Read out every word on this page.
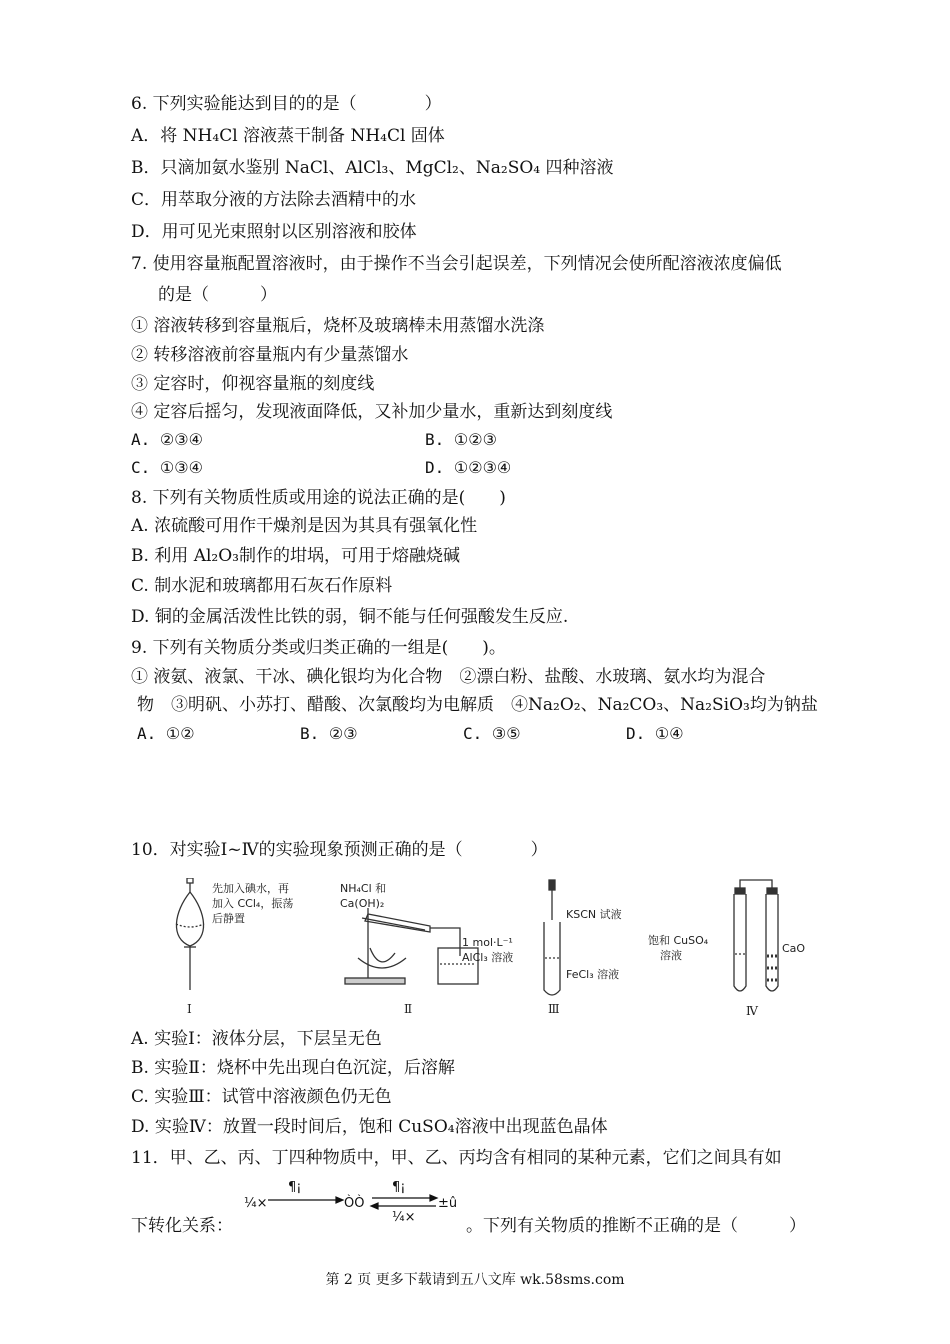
6. 下列实验能达到目的的是（　　　　）
A．将 NH₄Cl 溶液蒸干制备 NH₄Cl 固体
B．只滴加氨水鉴别 NaCl、AlCl₃、MgCl₂、Na₂SO₄ 四种溶液
C．用萃取分液的方法除去酒精中的水
D．用可见光束照射以区别溶液和胶体
7. 使用容量瓶配置溶液时，由于操作不当会引起误差，下列情况会使所配溶液浓度偏低
的是（　　　）
① 溶液转移到容量瓶后，烧杯及玻璃棒未用蒸馏水洗涤
② 转移溶液前容量瓶内有少量蒸馏水
③ 定容时，仰视容量瓶的刻度线
④ 定容后摇匀，发现液面降低，又补加少量水，重新达到刻度线
A. ②③④	B. ①②③
C. ①③④	D. ①②③④
8. 下列有关物质性质或用途的说法正确的是(　　)
A. 浓硫酸可用作干燥剂是因为其具有强氧化性
B. 利用 Al₂O₃制作的坩埚，可用于熔融烧碱
C. 制水泥和玻璃都用石灰石作原料
D. 铜的金属活泼性比铁的弱，铜不能与任何强酸发生反应.
9. 下列有关物质分类或归类正确的一组是(　　)。
① 液氨、液氯、干冰、碘化银均为化合物　②漂白粉、盐酸、水玻璃、氨水均为混合
物　③明矾、小苏打、醋酸、次氯酸均为电解质　④Na₂O₂、Na₂CO₃、Na₂SiO₃均为钠盐
A. ①②	B. ②③	C. ③⑤	D. ①④
10．对实验Ⅰ~Ⅳ的实验现象预测正确的是（　　　　）
先加入碘水，再
加入 CCl₄，振荡
后静置
NH₄Cl 和
Ca(OH)₂
1 mol·L⁻¹
AlCl₃ 溶液
KSCN 试液
FeCl₃ 溶液
饱和 CuSO₄
溶液
CaO
Ⅰ	Ⅱ	Ⅲ	Ⅳ
A. 实验Ⅰ：液体分层，下层呈无色
B. 实验Ⅱ：烧杯中先出现白色沉淀，后溶解
C. 实验Ⅲ：试管中溶液颜色仍无色
D. 实验Ⅳ：放置一段时间后，饱和 CuSO₄溶液中出现蓝色晶体
11．甲、乙、丙、丁四种物质中，甲、乙、丙均含有相同的某种元素，它们之间具有如
下转化关系：
¼×
¶¡
ÒÒ
¶¡
¼×
±û
。下列有关物质的推断不正确的是（　　　）
第 2 页 更多下载请到五八文库 wk.58sms.com
